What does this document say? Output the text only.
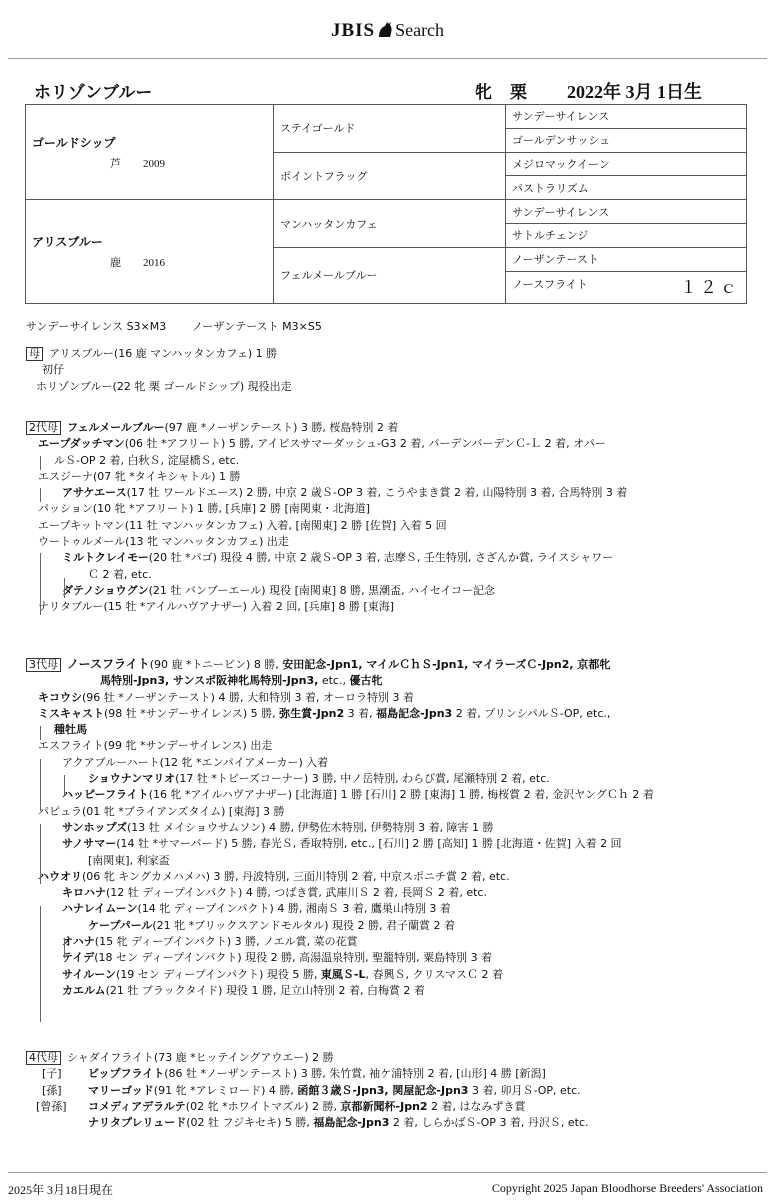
JBIS Search
ホリゾンブルー	牝 栗 2022年 3月 1日生
ゴールドシップ
芦 2009	ステイゴールド	サンデーサイレンス
		ゴールデンサッシュ
	ポイントフラッグ	メジロマックイーン
		パストラリズム

アリスブルー
鹿 2016	マンハッタンカフェ	サンデーサイレンス
		サトルチェンジ
	フェルメールブルー	ノーザンテースト
		ノースフライト １２ｃ
サンデーサイレンス S3×M3 ノーザンテースト M3×S5
母 アリスブルー(16 鹿 マンハッタンカフェ) 1 勝
初仔
ホリゾンブルー(22 牝 栗 ゴールドシップ) 現役出走
2代母 フェルメールブルー(97 鹿 *ノーザンテースト) 3 勝, 桜島特別 2 着
エープダッチマン(06 牡 *アフリート) 5 勝, アイビスサマーダッシュ-G3 2 着, バーデンバーデンＣ-Ｌ 2 着, オパー
ルＳ-OP 2 着, 白秋Ｓ, 淀屋橋Ｓ, etc.
エスジーナ(07 牝 *タイキシャトル) 1 勝
アサケエース(17 牡 ワールドエース) 2 勝, 中京 2 歳Ｓ-OP 3 着, こうやまき賞 2 着, 山陽特別 3 着, 合馬特別 3 着
パッション(10 牝 *アフリート) 1 勝, [兵庫] 2 勝 [南関東・北海道]
エープキットマン(11 牡 マンハッタンカフェ) 入着, [南関東] 2 勝 [佐賀] 入着 5 回
ウートゥルメール(13 牝 マンハッタンカフェ) 出走
ミルトクレイモー(20 牡 *パゴ) 現役 4 勝, 中京 2 歳Ｓ-OP 3 着, 志摩Ｓ, 壬生特別, さざんか賞, ライスシャワー
Ｃ 2 着, etc.
ダテノショウグン(21 牡 バンブーエール) 現役 [南関東] 8 勝, 黒潮盃, ハイセイコー記念
ナリタブルー(15 牡 *アイルハヴアナザー) 入着 2 回, [兵庫] 8 勝 [東海]
3代母 ノースフライト(90 鹿 *トニービン) 8 勝, 安田記念-Jpn1, マイルＣｈＳ-Jpn1, マイラーズＣ-Jpn2, 京都牝
馬特別-Jpn3, サンスポ阪神牝馬特別-Jpn3, etc., 優古牝
キコウシ(96 牡 *ノーザンテースト) 4 勝, 大和特別 3 着, オーロラ特別 3 着
ミスキャスト(98 牡 *サンデーサイレンス) 5 勝, 弥生賞-Jpn2 3 着, 福島記念-Jpn3 2 着, プリンシパルＳ-OP, etc.,
種牡馬
エスフライト(99 牝 *サンデーサイレンス) 出走
アクアブルーハート(12 牝 *エンパイアメーカー) 入着
ショウナンマリオ(17 牡 *トビーズコーナー) 3 勝, 中ノ岳特別, わらび賞, 尾瀬特別 2 着, etc.
ハッピーフライト(16 牝 *アイルハヴアナザー) [北海道] 1 勝 [石川] 2 勝 [東海] 1 勝, 梅桜賞 2 着, 金沢ヤングＣｈ 2 着
パピュラ(01 牝 *ブライアンズタイム) [東海] 3 勝
サンホップズ(13 牡 メイショウサムソン) 4 勝, 伊勢佐木特別, 伊勢特別 3 着, 障害 1 勝
サノサマー(14 牡 *サマーバード) 5 勝, 春光Ｓ, 香取特別, etc., [石川] 2 勝 [高知] 1 勝 [北海道・佐賀] 入着 2 回
[南関東], 利家盃
ハウオリ(06 牝 キングカメハメハ) 3 勝, 丹波特別, 三面川特別 2 着, 中京スポニチ賞 2 着, etc.
キロハナ(12 牡 ディープインパクト) 4 勝, つばき賞, 武庫川Ｓ 2 着, 長岡Ｓ 2 着, etc.
ハナレイムーン(14 牝 ディープインパクト) 4 勝, 湘南Ｓ 3 着, 鷹巣山特別 3 着
ケープパール(21 牝 *ブリックスアンドモルタル) 現役 2 勝, 君子蘭賞 2 着
オハナ(15 牝 ディープインパクト) 3 勝, ノエル賞, 菜の花賞
テイデ(18 セン ディープインパクト) 現役 2 勝, 高湯温泉特別, 聖籠特別, 粟島特別 3 着
サイルーン(19 セン ディープインパクト) 現役 5 勝, 東風Ｓ-L, 春興Ｓ, クリスマスＣ 2 着
カエルム(21 牡 ブラックタイド) 現役 1 勝, 足立山特別 2 着, 白梅賞 2 着
4代母 シャダイフライト(73 鹿 *ヒッテイングアウエー) 2 勝
[子] ビップフライト(86 牡 *ノーザンテースト) 3 勝, 朱竹賞, 袖ケ浦特別 2 着, [山形] 4 勝 [新潟]
[孫] マリーゴッド(91 牝 *アレミロード) 4 勝, 函館３歳Ｓ-Jpn3, 関屋記念-Jpn3 3 着, 卯月Ｓ-OP, etc.
[曾孫] コメディアデラルテ(02 牝 *ホワイトマズル) 2 勝, 京都新聞杯-Jpn2 2 着, はなみずき賞
ナリタプレリュード(02 牡 フジキセキ) 5 勝, 福島記念-Jpn3 2 着, しらかばＳ-OP 3 着, 丹沢Ｓ, etc.
2025年 3月18日現在	Copyright 2025 Japan Bloodhorse Breeders' Association
